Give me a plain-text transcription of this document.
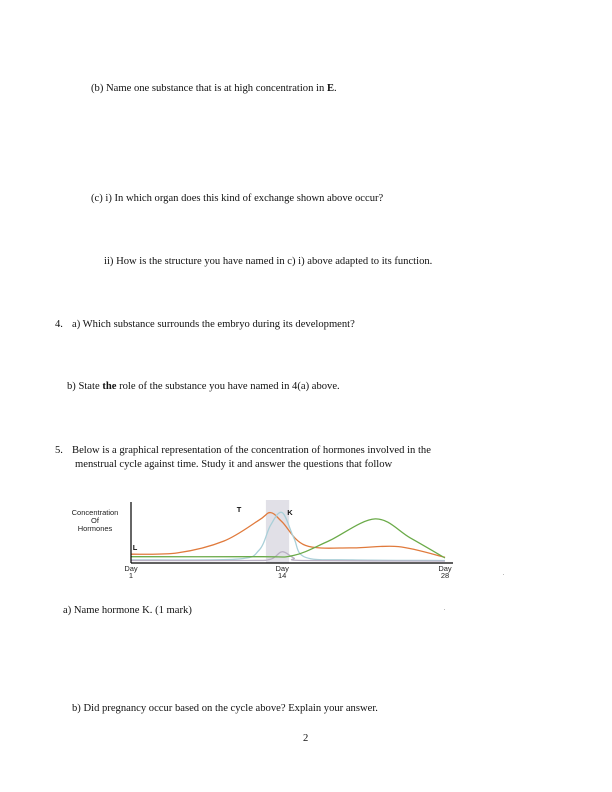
(b) Name one substance that is at high concentration in E.
(c) i) In which organ does this kind of exchange shown above occur?
ii) How is the structure you have named in c) i) above adapted to its function.
4. a) Which substance surrounds the embryo during its development?
b) State the role of the substance you have named in 4(a) above.
5. Below is a graphical representation of the concentration of hormones involved in the
menstrual cycle against time. Study it and answer the questions that follow
Concentration
Of
Hormones
T	K
L
Day
1
Day
14
Day
28
a) Name hormone K. (1 mark)
b) Did pregnancy occur based on the cycle above? Explain your answer.
2
